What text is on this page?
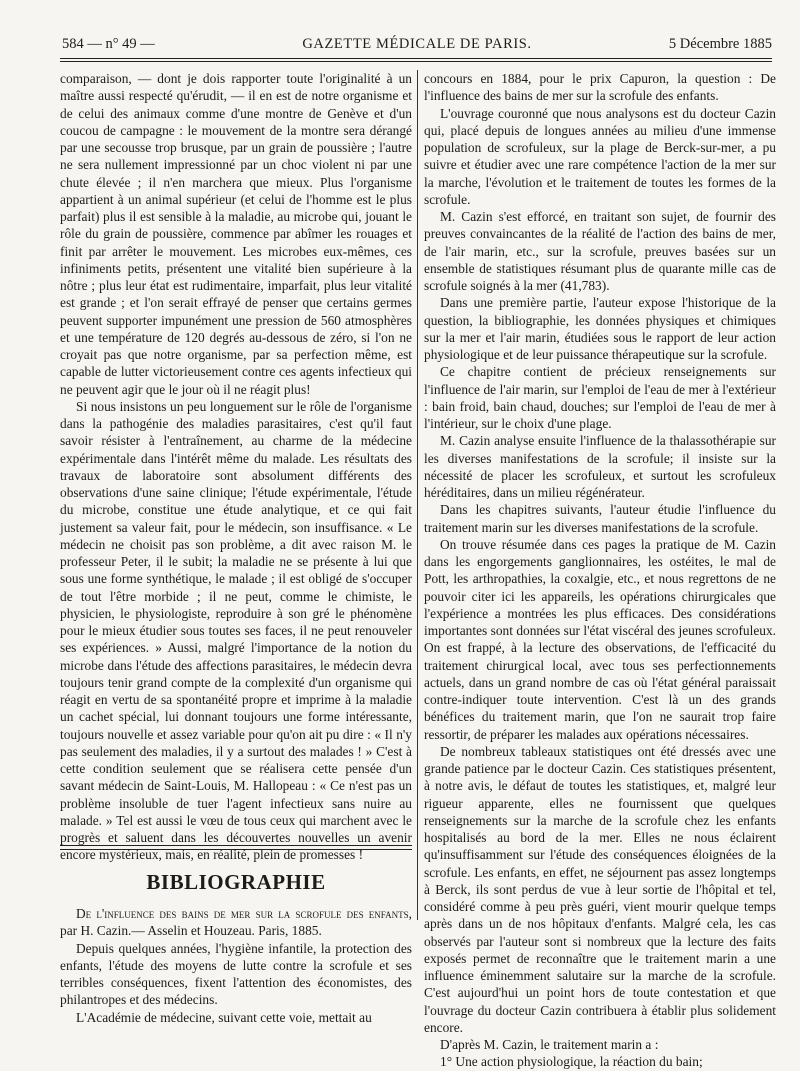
584 — n° 49 —	GAZETTE MÉDICALE DE PARIS.	5 Décembre 1885

comparaison, — dont je dois rapporter toute l'originalité à un maître aussi respecté qu'érudit, — il en est de notre organisme et de celui des animaux comme d'une montre de Genève et d'un coucou de campagne : le mouvement de la montre sera dérangé par une secousse trop brusque, par un grain de poussière ; l'autre ne sera nullement impressionné par un choc violent ni par une chute élevée ; il n'en marchera que mieux. Plus l'organisme appartient à un animal supérieur (et celui de l'homme est le plus parfait) plus il est sensible à la maladie, au microbe qui, jouant le rôle du grain de poussière, commence par abîmer les rouages et finit par arrêter le mouvement. Les microbes eux-mêmes, ces infiniments petits, présentent une vitalité bien supérieure à la nôtre ; plus leur état est rudimentaire, imparfait, plus leur vitalité est grande ; et l'on serait effrayé de penser que certains germes peuvent supporter impunément une pression de 560 atmosphères et une température de 120 degrés au-dessous de zéro, si l'on ne croyait pas que notre organisme, par sa perfection même, est capable de lutter victorieusement contre ces agents infectieux qui ne peuvent agir que le jour où il ne réagit plus!

Si nous insistons un peu longuement sur le rôle de l'organisme dans la pathogénie des maladies parasitaires, c'est qu'il faut savoir résister à l'entraînement, au charme de la médecine expérimentale dans l'intérêt même du malade. Les résultats des travaux de laboratoire sont absolument différents des observations d'une saine clinique; l'étude expérimentale, l'étude du microbe, constitue une étude analytique, et ce qui fait justement sa valeur fait, pour le médecin, son insuffisance. « Le médecin ne choisit pas son problème, a dit avec raison M. le professeur Peter, il le subit; la maladie ne se présente à lui que sous une forme synthétique, le malade ; il est obligé de s'occuper de tout l'être morbide ; il ne peut, comme le chimiste, le physicien, le physiologiste, reproduire à son gré le phénomène pour le mieux étudier sous toutes ses faces, il ne peut renouveler ses expériences. » Aussi, malgré l'importance de la notion du microbe dans l'étude des affections parasitaires, le médecin devra toujours tenir grand compte de la complexité d'un organisme qui réagit en vertu de sa spontanéité propre et imprime à la maladie un cachet spécial, lui donnant toujours une forme intéressante, toujours nouvelle et assez variable pour qu'on ait pu dire : « Il n'y pas seulement des maladies, il y a surtout des malades ! » C'est à cette condition seulement que se réalisera cette pensée d'un savant médecin de Saint-Louis, M. Hallopeau : « Ce n'est pas un problème insoluble de tuer l'agent infectieux sans nuire au malade. » Tel est aussi le vœu de tous ceux qui marchent avec le progrès et saluent dans les découvertes nouvelles un avenir encore mystérieux, mais, en réalité, plein de promesses !

BIBLIOGRAPHIE

De l'influence des bains de mer sur la scrofule des enfants, par H. Cazin.— Asselin et Houzeau. Paris, 1885.

Depuis quelques années, l'hygiène infantile, la protection des enfants, l'étude des moyens de lutte contre la scrofule et ses terribles conséquences, fixent l'attention des économistes, des philantropes et des médecins.

L'Académie de médecine, suivant cette voie, mettait au

concours en 1884, pour le prix Capuron, la question : De l'influence des bains de mer sur la scrofule des enfants.

L'ouvrage couronné que nous analysons est du docteur Cazin qui, placé depuis de longues années au milieu d'une immense population de scrofuleux, sur la plage de Berck-sur-mer, a pu suivre et étudier avec une rare compétence l'action de la mer sur la marche, l'évolution et le traitement de toutes les formes de la scrofule.

M. Cazin s'est efforcé, en traitant son sujet, de fournir des preuves convaincantes de la réalité de l'action des bains de mer, de l'air marin, etc., sur la scrofule, preuves basées sur un ensemble de statistiques résumant plus de quarante mille cas de scrofule soignés à la mer (41,783).

Dans une première partie, l'auteur expose l'historique de la question, la bibliographie, les données physiques et chimiques sur la mer et l'air marin, étudiées sous le rapport de leur action physiologique et de leur puissance thérapeutique sur la scrofule.

Ce chapitre contient de précieux renseignements sur l'influence de l'air marin, sur l'emploi de l'eau de mer à l'extérieur : bain froid, bain chaud, douches; sur l'emploi de l'eau de mer à l'intérieur, sur le choix d'une plage.

M. Cazin analyse ensuite l'influence de la thalassothérapie sur les diverses manifestations de la scrofule; il insiste sur la nécessité de placer les scrofuleux, et surtout les scrofuleux héréditaires, dans un milieu régénérateur.

Dans les chapitres suivants, l'auteur étudie l'influence du traitement marin sur les diverses manifestations de la scrofule.

On trouve résumée dans ces pages la pratique de M. Cazin dans les engorgements ganglionnaires, les ostéites, le mal de Pott, les arthropathies, la coxalgie, etc., et nous regrettons de ne pouvoir citer ici les appareils, les opérations chirurgicales que l'expérience a montrées les plus efficaces. Des considérations importantes sont données sur l'état viscéral des jeunes scrofuleux. On est frappé, à la lecture des observations, de l'efficacité du traitement chirurgical local, avec tous ses perfectionnements actuels, dans un grand nombre de cas où l'état général paraissait contre-indiquer toute intervention. C'est là un des grands bénéfices du traitement marin, que l'on ne saurait trop faire ressortir, de préparer les malades aux opérations nécessaires.

De nombreux tableaux statistiques ont été dressés avec une grande patience par le docteur Cazin. Ces statistiques présentent, à notre avis, le défaut de toutes les statistiques, et, malgré leur rigueur apparente, elles ne fournissent que quelques renseignements sur la marche de la scrofule chez les enfants hospitalisés au bord de la mer. Elles ne nous éclairent qu'insuffisamment sur l'étude des conséquences éloignées de la scrofule. Les enfants, en effet, ne séjournent pas assez longtemps à Berck, ils sont perdus de vue à leur sortie de l'hôpital et tel, considéré comme à peu près guéri, vient mourir quelque temps après dans un de nos hôpitaux d'enfants. Malgré cela, les cas observés par l'auteur sont si nombreux que la lecture des faits exposés permet de reconnaître que le traitement marin a une influence éminemment salutaire sur la marche de la scrofule. C'est aujourd'hui un point hors de toute contestation et que l'ouvrage du docteur Cazin contribuera à établir plus solidement encore.

D'après M. Cazin, le traitement marin a :

1° Une action physiologique, la réaction du bain;
